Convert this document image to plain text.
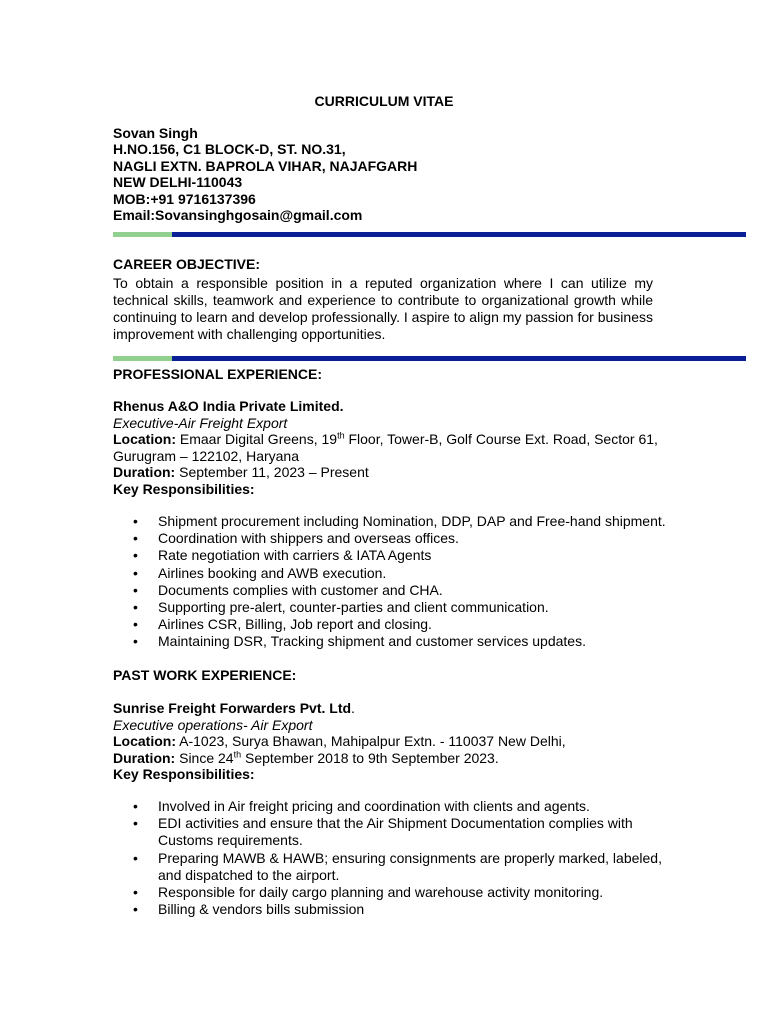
CURRICULUM VITAE
Sovan Singh
H.NO.156, C1 BLOCK-D, ST. NO.31,
NAGLI EXTN. BAPROLA VIHAR, NAJAFGARH
NEW DELHI-110043
MOB:+91 9716137396
Email:Sovansinghgosain@gmail.com
CAREER OBJECTIVE:
To obtain a responsible position in a reputed organization where I can utilize my technical skills, teamwork and experience to contribute to organizational growth while continuing to learn and develop professionally. I aspire to align my passion for business improvement with challenging opportunities.
PROFESSIONAL EXPERIENCE:
Rhenus A&O India Private Limited.
Executive-Air Freight Export
Location: Emaar Digital Greens, 19th Floor, Tower-B, Golf Course Ext. Road, Sector 61, Gurugram – 122102, Haryana
Duration: September 11, 2023 – Present
Key Responsibilities:
• Shipment procurement including Nomination, DDP, DAP and Free-hand shipment.
• Coordination with shippers and overseas offices.
• Rate negotiation with carriers & IATA Agents
• Airlines booking and AWB execution.
• Documents complies with customer and CHA.
• Supporting pre-alert, counter-parties and client communication.
• Airlines CSR, Billing, Job report and closing.
• Maintaining DSR, Tracking shipment and customer services updates.
PAST WORK EXPERIENCE:
Sunrise Freight Forwarders Pvt. Ltd.
Executive operations- Air Export
Location: A-1023, Surya Bhawan, Mahipalpur Extn. - 110037 New Delhi,
Duration: Since 24th September 2018 to 9th September 2023.
Key Responsibilities:
• Involved in Air freight pricing and coordination with clients and agents.
• EDI activities and ensure that the Air Shipment Documentation complies with Customs requirements.
• Preparing MAWB & HAWB; ensuring consignments are properly marked, labeled, and dispatched to the airport.
• Responsible for daily cargo planning and warehouse activity monitoring.
• Billing & vendors bills submission
